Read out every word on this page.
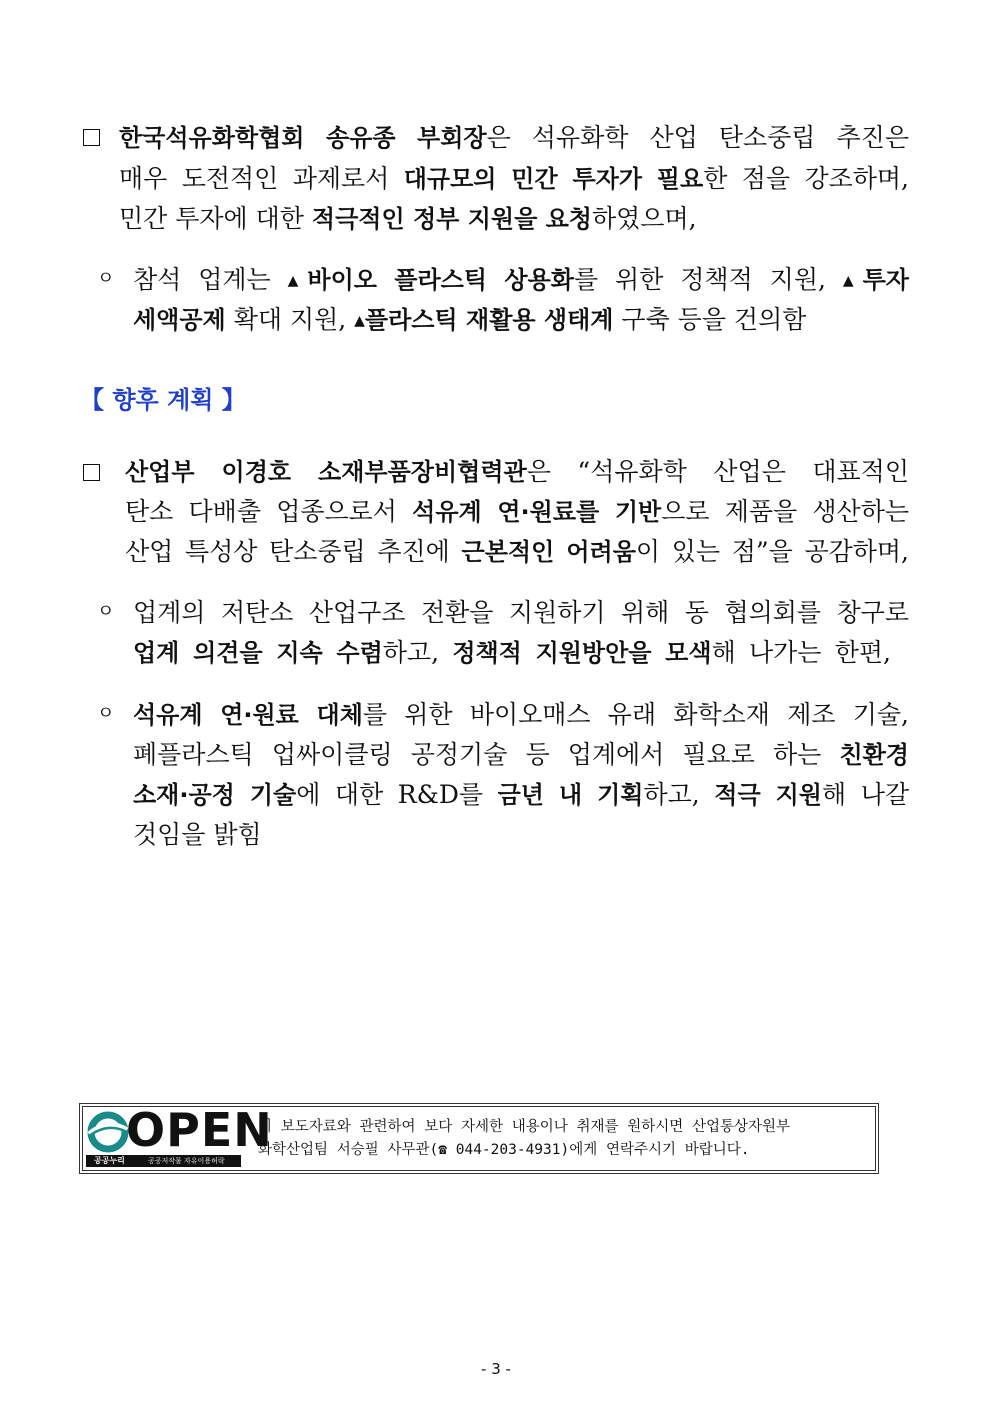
한국석유화학협회 송유종 부회장은 석유화학 산업 탄소중립 추진은
매우 도전적인 과제로서 대규모의 민간 투자가 필요한 점을 강조하며,
민간 투자에 대한 적극적인 정부 지원을 요청하였으며,
ㅇ 참석 업계는 ▲바이오 플라스틱 상용화를 위한 정책적 지원, ▲투자
세액공제 확대 지원, ▲플라스틱 재활용 생태계 구축 등을 건의함
【 향후 계획 】
산업부 이경호 소재부품장비협력관은 “석유화학 산업은 대표적인
탄소 다배출 업종으로서 석유계 연·원료를 기반으로 제품을 생산하는
산업 특성상 탄소중립 추진에 근본적인 어려움이 있는 점”을 공감하며,
ㅇ 업계의 저탄소 산업구조 전환을 지원하기 위해 동 협의회를 창구로
업계 의견을 지속 수렴하고, 정책적 지원방안을 모색해 나가는 한편,
ㅇ 석유계 연·원료 대체를 위한 바이오매스 유래 화학소재 제조 기술,
폐플라스틱 업싸이클링 공정기술 등 업계에서 필요로 하는 친환경
소재·공정 기술에 대한 R&D를 금년 내 기획하고, 적극 지원해 나갈
것임을 밝힘
OPEN
공공누리	공공저작물 자유이용허락
이 보도자료와 관련하여 보다 자세한 내용이나 취재를 원하시면 산업통상자원부
화학산업팀 서승필 사무관(☎ 044-203-4931)에게 연락주시기 바랍니다.
- 3 -
